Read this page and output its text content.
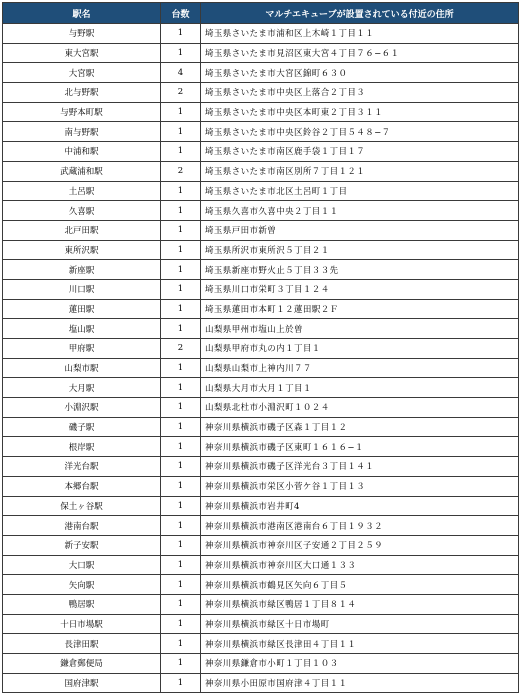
駅名	台数	マルチエキューブが設置されている付近の住所
与野駅	1	埼玉県さいたま市浦和区上木崎１丁目１１
東大宮駅	1	埼玉県さいたま市見沼区東大宮４丁目７６−６１
大宮駅	4	埼玉県さいたま市大宮区錦町６３０
北与野駅	2	埼玉県さいたま市中央区上落合２丁目３
与野本町駅	1	埼玉県さいたま市中央区本町東２丁目３１１
南与野駅	1	埼玉県さいたま市中央区鈴谷２丁目５４８−７
中浦和駅	1	埼玉県さいたま市南区鹿手袋１丁目１７
武蔵浦和駅	2	埼玉県さいたま市南区別所７丁目１２１
土呂駅	1	埼玉県さいたま市北区土呂町１丁目
久喜駅	1	埼玉県久喜市久喜中央２丁目１１
北戸田駅	1	埼玉県戸田市新曽
東所沢駅	1	埼玉県所沢市東所沢５丁目２１
新座駅	1	埼玉県新座市野火止５丁目３３先
川口駅	1	埼玉県川口市栄町３丁目１２４
蓮田駅	1	埼玉県蓮田市本町１２蓮田駅２Ｆ
塩山駅	1	山梨県甲州市塩山上於曽
甲府駅	2	山梨県甲府市丸の内１丁目１
山梨市駅	1	山梨県山梨市上神内川７７
大月駅	1	山梨県大月市大月１丁目１
小淵沢駅	1	山梨県北杜市小淵沢町１０２４
磯子駅	1	神奈川県横浜市磯子区森１丁目１２
根岸駅	1	神奈川県横浜市磯子区東町１６１６−１
洋光台駅	1	神奈川県横浜市磯子区洋光台３丁目１４１
本郷台駅	1	神奈川県横浜市栄区小菅ケ谷１丁目１３
保土ヶ谷駅	1	神奈川県横浜市岩井町4
港南台駅	1	神奈川県横浜市港南区港南台６丁目１９３２
新子安駅	1	神奈川県横浜市神奈川区子安通２丁目２５９
大口駅	1	神奈川県横浜市神奈川区大口通１３３
矢向駅	1	神奈川県横浜市鶴見区矢向６丁目５
鴨居駅	1	神奈川県横浜市緑区鴨居１丁目８１４
十日市場駅	1	神奈川県横浜市緑区十日市場町
長津田駅	1	神奈川県横浜市緑区長津田４丁目１１
鎌倉郵便局	1	神奈川県鎌倉市小町１丁目１０３
国府津駅	1	神奈川県小田原市国府津４丁目１１
